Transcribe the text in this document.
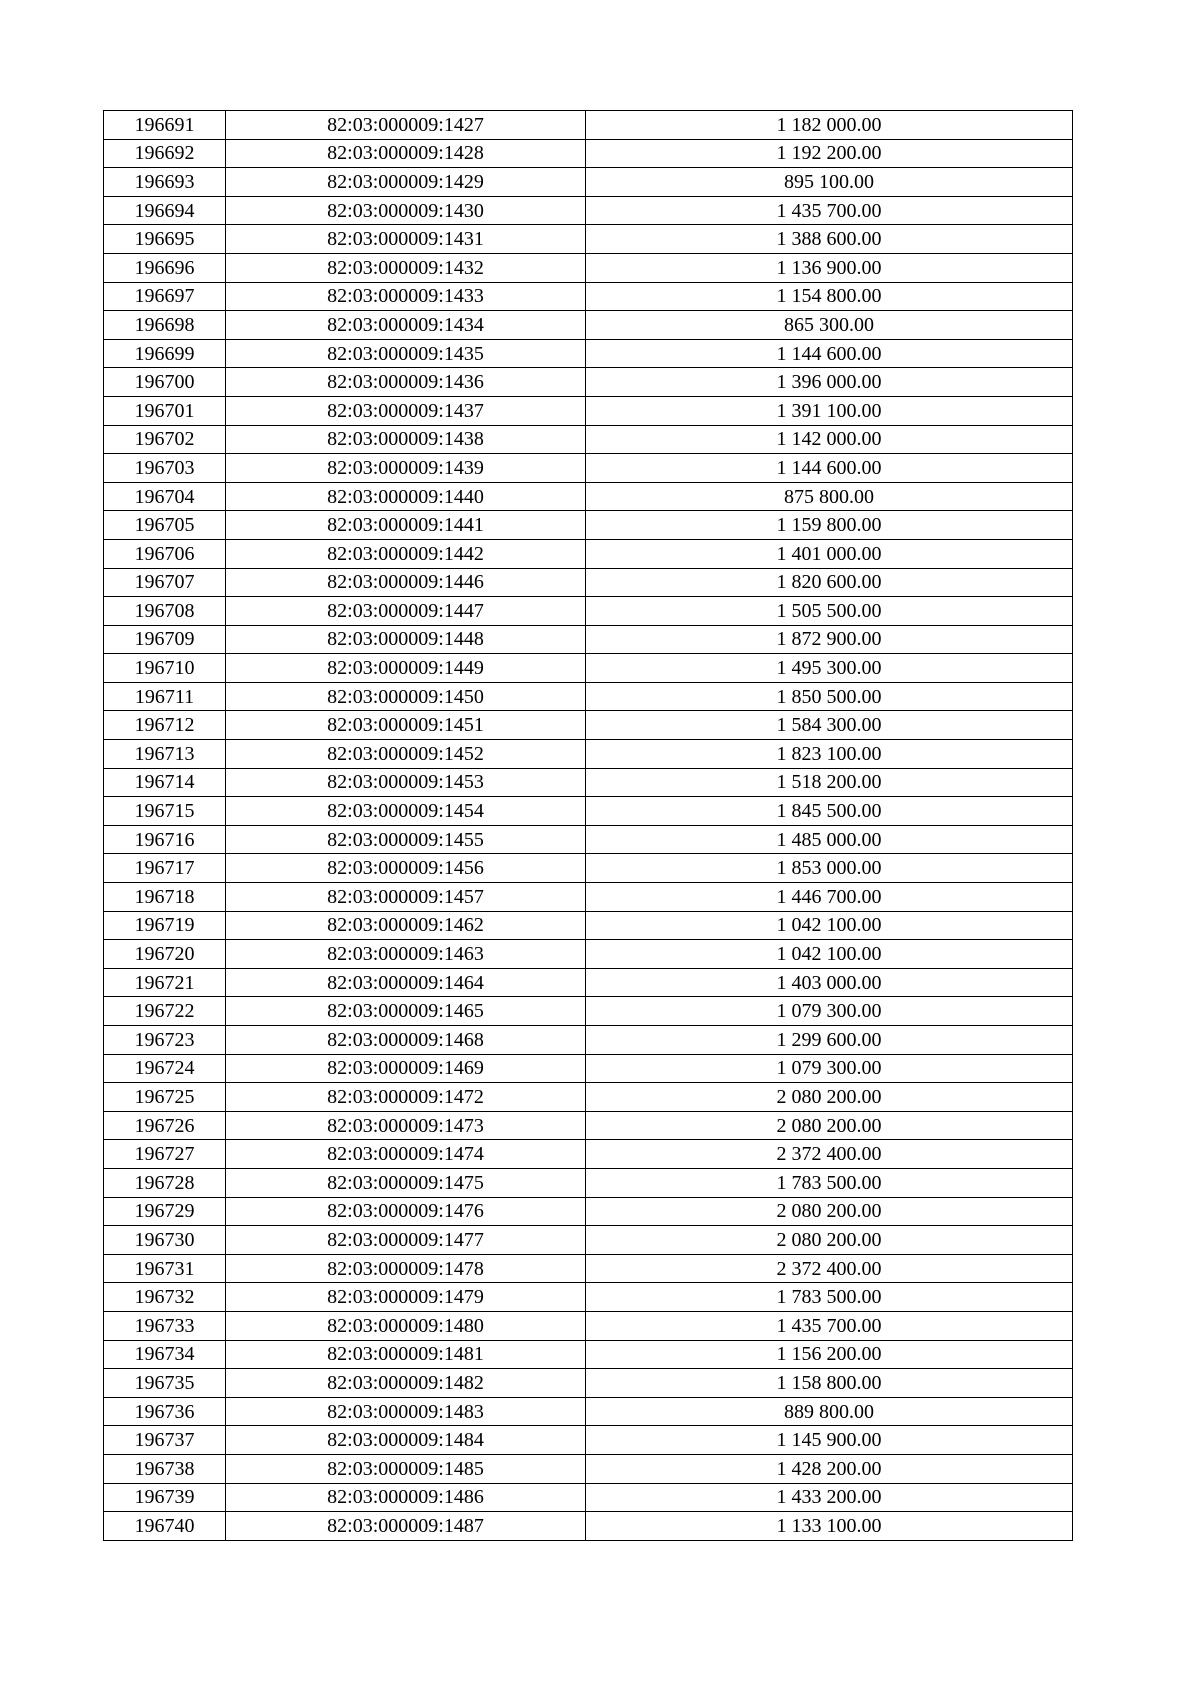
196691	82:03:000009:1427	1 182 000.00
196692	82:03:000009:1428	1 192 200.00
196693	82:03:000009:1429	895 100.00
196694	82:03:000009:1430	1 435 700.00
196695	82:03:000009:1431	1 388 600.00
196696	82:03:000009:1432	1 136 900.00
196697	82:03:000009:1433	1 154 800.00
196698	82:03:000009:1434	865 300.00
196699	82:03:000009:1435	1 144 600.00
196700	82:03:000009:1436	1 396 000.00
196701	82:03:000009:1437	1 391 100.00
196702	82:03:000009:1438	1 142 000.00
196703	82:03:000009:1439	1 144 600.00
196704	82:03:000009:1440	875 800.00
196705	82:03:000009:1441	1 159 800.00
196706	82:03:000009:1442	1 401 000.00
196707	82:03:000009:1446	1 820 600.00
196708	82:03:000009:1447	1 505 500.00
196709	82:03:000009:1448	1 872 900.00
196710	82:03:000009:1449	1 495 300.00
196711	82:03:000009:1450	1 850 500.00
196712	82:03:000009:1451	1 584 300.00
196713	82:03:000009:1452	1 823 100.00
196714	82:03:000009:1453	1 518 200.00
196715	82:03:000009:1454	1 845 500.00
196716	82:03:000009:1455	1 485 000.00
196717	82:03:000009:1456	1 853 000.00
196718	82:03:000009:1457	1 446 700.00
196719	82:03:000009:1462	1 042 100.00
196720	82:03:000009:1463	1 042 100.00
196721	82:03:000009:1464	1 403 000.00
196722	82:03:000009:1465	1 079 300.00
196723	82:03:000009:1468	1 299 600.00
196724	82:03:000009:1469	1 079 300.00
196725	82:03:000009:1472	2 080 200.00
196726	82:03:000009:1473	2 080 200.00
196727	82:03:000009:1474	2 372 400.00
196728	82:03:000009:1475	1 783 500.00
196729	82:03:000009:1476	2 080 200.00
196730	82:03:000009:1477	2 080 200.00
196731	82:03:000009:1478	2 372 400.00
196732	82:03:000009:1479	1 783 500.00
196733	82:03:000009:1480	1 435 700.00
196734	82:03:000009:1481	1 156 200.00
196735	82:03:000009:1482	1 158 800.00
196736	82:03:000009:1483	889 800.00
196737	82:03:000009:1484	1 145 900.00
196738	82:03:000009:1485	1 428 200.00
196739	82:03:000009:1486	1 433 200.00
196740	82:03:000009:1487	1 133 100.00
